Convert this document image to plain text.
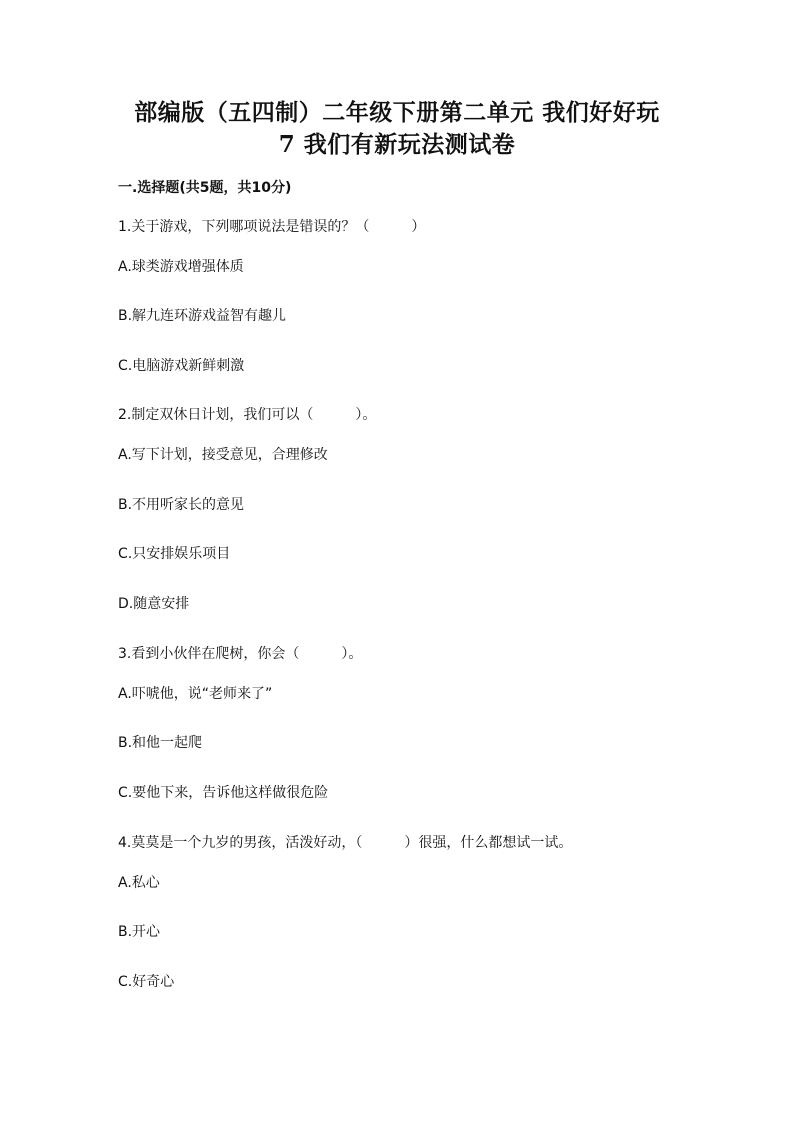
部编版（五四制）二年级下册第二单元 我们好好玩
7 我们有新玩法测试卷
一.选择题(共5题，共10分)
1.关于游戏，下列哪项说法是错误的？（　　　）
A.球类游戏增强体质
B.解九连环游戏益智有趣儿
C.电脑游戏新鲜刺激
2.制定双休日计划，我们可以（　　　）。
A.写下计划，接受意见，合理修改
B.不用听家长的意见
C.只安排娱乐项目
D.随意安排
3.看到小伙伴在爬树，你会（　　　）。
A.吓唬他，说“老师来了”
B.和他一起爬
C.要他下来，告诉他这样做很危险
4.莫莫是一个九岁的男孩，活泼好动，（　　　）很强，什么都想试一试。
A.私心
B.开心
C.好奇心
